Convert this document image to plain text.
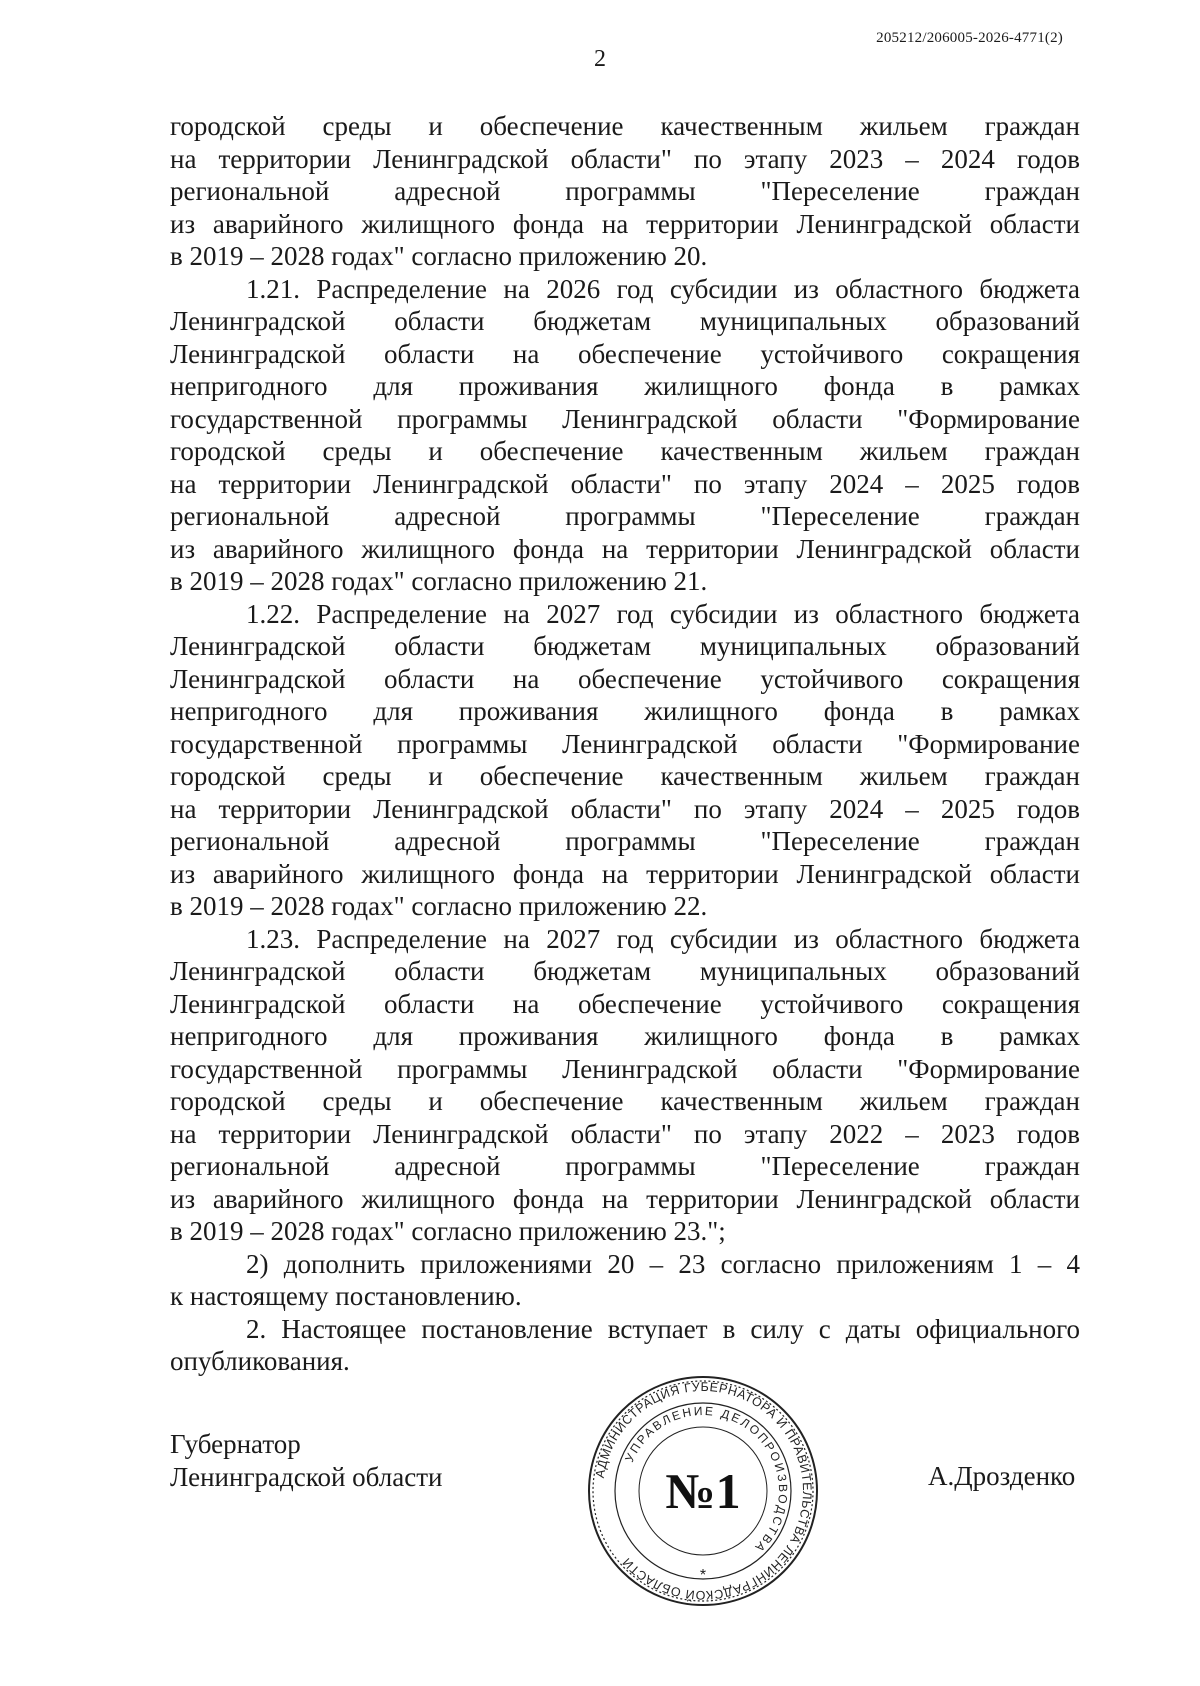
205212/206005-2026-4771(2)
2
городской среды и обеспечение качественным жильем граждан
на территории Ленинградской области" по этапу 2023 – 2024 годов
региональной адресной программы "Переселение граждан
из аварийного жилищного фонда на территории Ленинградской области
в 2019 – 2028 годах" согласно приложению 20.
1.21. Распределение на 2026 год субсидии из областного бюджета
Ленинградской области бюджетам муниципальных образований
Ленинградской области на обеспечение устойчивого сокращения
непригодного для проживания жилищного фонда в рамках
государственной программы Ленинградской области "Формирование
городской среды и обеспечение качественным жильем граждан
на территории Ленинградской области" по этапу 2024 – 2025 годов
региональной адресной программы "Переселение граждан
из аварийного жилищного фонда на территории Ленинградской области
в 2019 – 2028 годах" согласно приложению 21.
1.22. Распределение на 2027 год субсидии из областного бюджета
Ленинградской области бюджетам муниципальных образований
Ленинградской области на обеспечение устойчивого сокращения
непригодного для проживания жилищного фонда в рамках
государственной программы Ленинградской области "Формирование
городской среды и обеспечение качественным жильем граждан
на территории Ленинградской области" по этапу 2024 – 2025 годов
региональной адресной программы "Переселение граждан
из аварийного жилищного фонда на территории Ленинградской области
в 2019 – 2028 годах" согласно приложению 22.
1.23. Распределение на 2027 год субсидии из областного бюджета
Ленинградской области бюджетам муниципальных образований
Ленинградской области на обеспечение устойчивого сокращения
непригодного для проживания жилищного фонда в рамках
государственной программы Ленинградской области "Формирование
городской среды и обеспечение качественным жильем граждан
на территории Ленинградской области" по этапу 2022 – 2023 годов
региональной адресной программы "Переселение граждан
из аварийного жилищного фонда на территории Ленинградской области
в 2019 – 2028 годах" согласно приложению 23.";
2) дополнить приложениями 20 – 23 согласно приложениям 1 – 4
к настоящему постановлению.
2. Настоящее постановление вступает в силу с даты официального
опубликования.
Губернатор
Ленинградской области	АДМИНИСТРАЦИЯ ГУБЕРНАТОРА И ПРАВИТЕЛЬСТВА ЛЕНИНГРАДСКОЙ ОБЛАСТИ
УПРАВЛЕНИЕ ДЕЛОПРОИЗВОДСТВА
№1
*
А.Дрозденко
